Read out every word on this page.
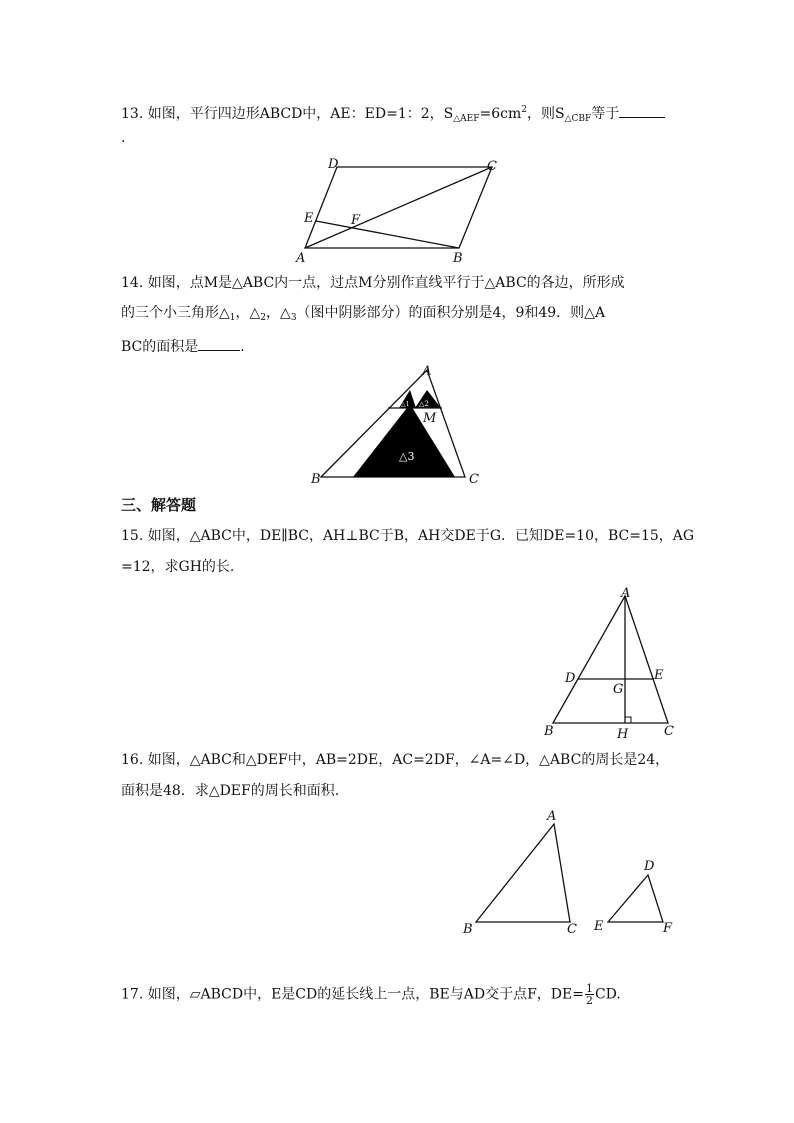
13. 如图，平行四边形ABCD中，AE：ED=1：2，$S_{\triangle AEF}=6cm^2$，则$S_{\triangle CBF}$等于
.
D	C
E	F
A	B
14. 如图，点M是△ABC内一点，过点M分别作直线平行于△ABC的各边，所形成
的三个小三角形$\triangle_1$，$\triangle_2$，$\triangle_3$（图中阴影部分）的面积分别是4，9和49．则△A
BC的面积是	.
A
M
B	C
△3
△1 △2
三、解答题
15. 如图，△ABC中，DE∥BC，AH⊥BC于B，AH交DE于G．已知DE=10，BC=15，AG
=12，求GH的长.
A
D	E
G
B	H	C
16. 如图，△ABC和△DEF中，AB=2DE，AC=2DF，∠A=∠D，△ABC的周长是24，
面积是48．求△DEF的周长和面积.
A
B	C
D
E	F
17. 如图，▱ABCD中，E是CD的延长线上一点，BE与AD交于点F，$DE= \frac{1}{2}$ CD.
